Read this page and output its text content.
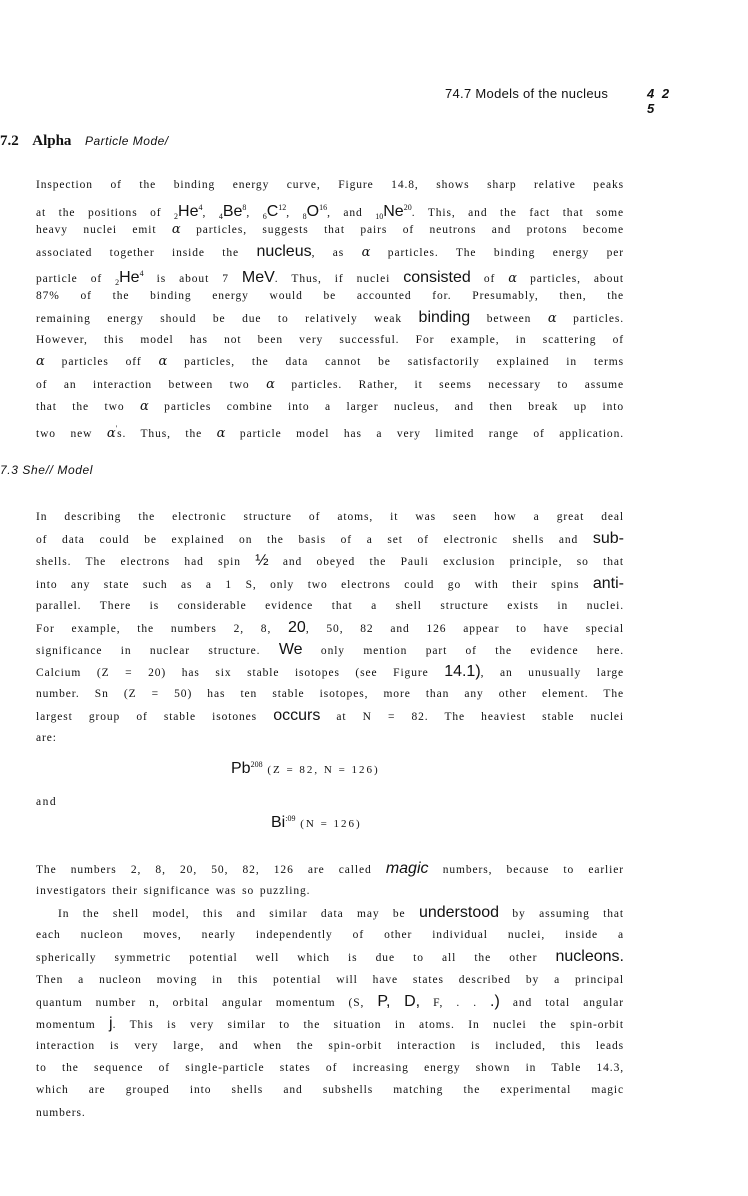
74.7 Models of the nucleus	4 2 5
7.2 Alpha Particle Mode/
Inspection of the binding energy curve, Figure 14.8, shows sharp relative peaks
at the positions of $_2He^4$, $_4Be^8$, $_6C^{12}$, $_8O^{16}$, and $_{10}Ne^{20}$. This, and the fact that some
heavy nuclei emit α particles, suggests that pairs of neutrons and protons become
associated together inside the nucleus, as α particles. The binding energy per
particle of $_2He^4$ is about 7 MeV. Thus, if nuclei consisted of α particles, about
87% of the binding energy would be accounted for. Presumably, then, the
remaining energy should be due to relatively weak binding between α particles.
However, this model has not been very successful. For example, in scattering of
α particles off α particles, the data cannot be satisfactorily explained in terms
of an interaction between two α particles. Rather, it seems necessary to assume
that the two α particles combine into a larger nucleus, and then break up into
two new α's. Thus, the α particle model has a very limited range of application.
7.3 She// Model
In describing the electronic structure of atoms, it was seen how a great deal
of data could be explained on the basis of a set of electronic shells and sub-
shells. The electrons had spin ½ and obeyed the Pauli exclusion principle, so that
into any state such as a 1 S, only two electrons could go with their spins anti-
parallel. There is considerable evidence that a shell structure exists in nuclei.
For example, the numbers 2, 8, 20, 50, 82 and 126 appear to have special
significance in nuclear structure. We only mention part of the evidence here.
Calcium (Z = 20) has six stable isotopes (see Figure 14.1), an unusually large
number. Sn (Z = 50) has ten stable isotopes, more than any other element. The
largest group of stable isotones occurs at N = 82. The heaviest stable nuclei
are:
Pb$^{208}$ (Z = 82, N = 126)
and
$Bi^{:09}$ (N = 126)
The numbers 2, 8, 20, 50, 82, 126 are called magic numbers, because to earlier
investigators their significance was so puzzling.
In the shell model, this and similar data may be understood by assuming that
each nucleon moves, nearly independently of other individual nuclei, inside a
spherically symmetric potential well which is due to all the other nucleons.
Then a nucleon moving in this potential will have states described by a principal
quantum number n, orbital angular momentum (S, P, D, F, . . .) and total angular
momentum j. This is very similar to the situation in atoms. In nuclei the spin-orbit
interaction is very large, and when the spin-orbit interaction is included, this leads
to the sequence of single-particle states of increasing energy shown in Table 14.3,
which are grouped into shells and subshells matching the experimental magic
numbers.
